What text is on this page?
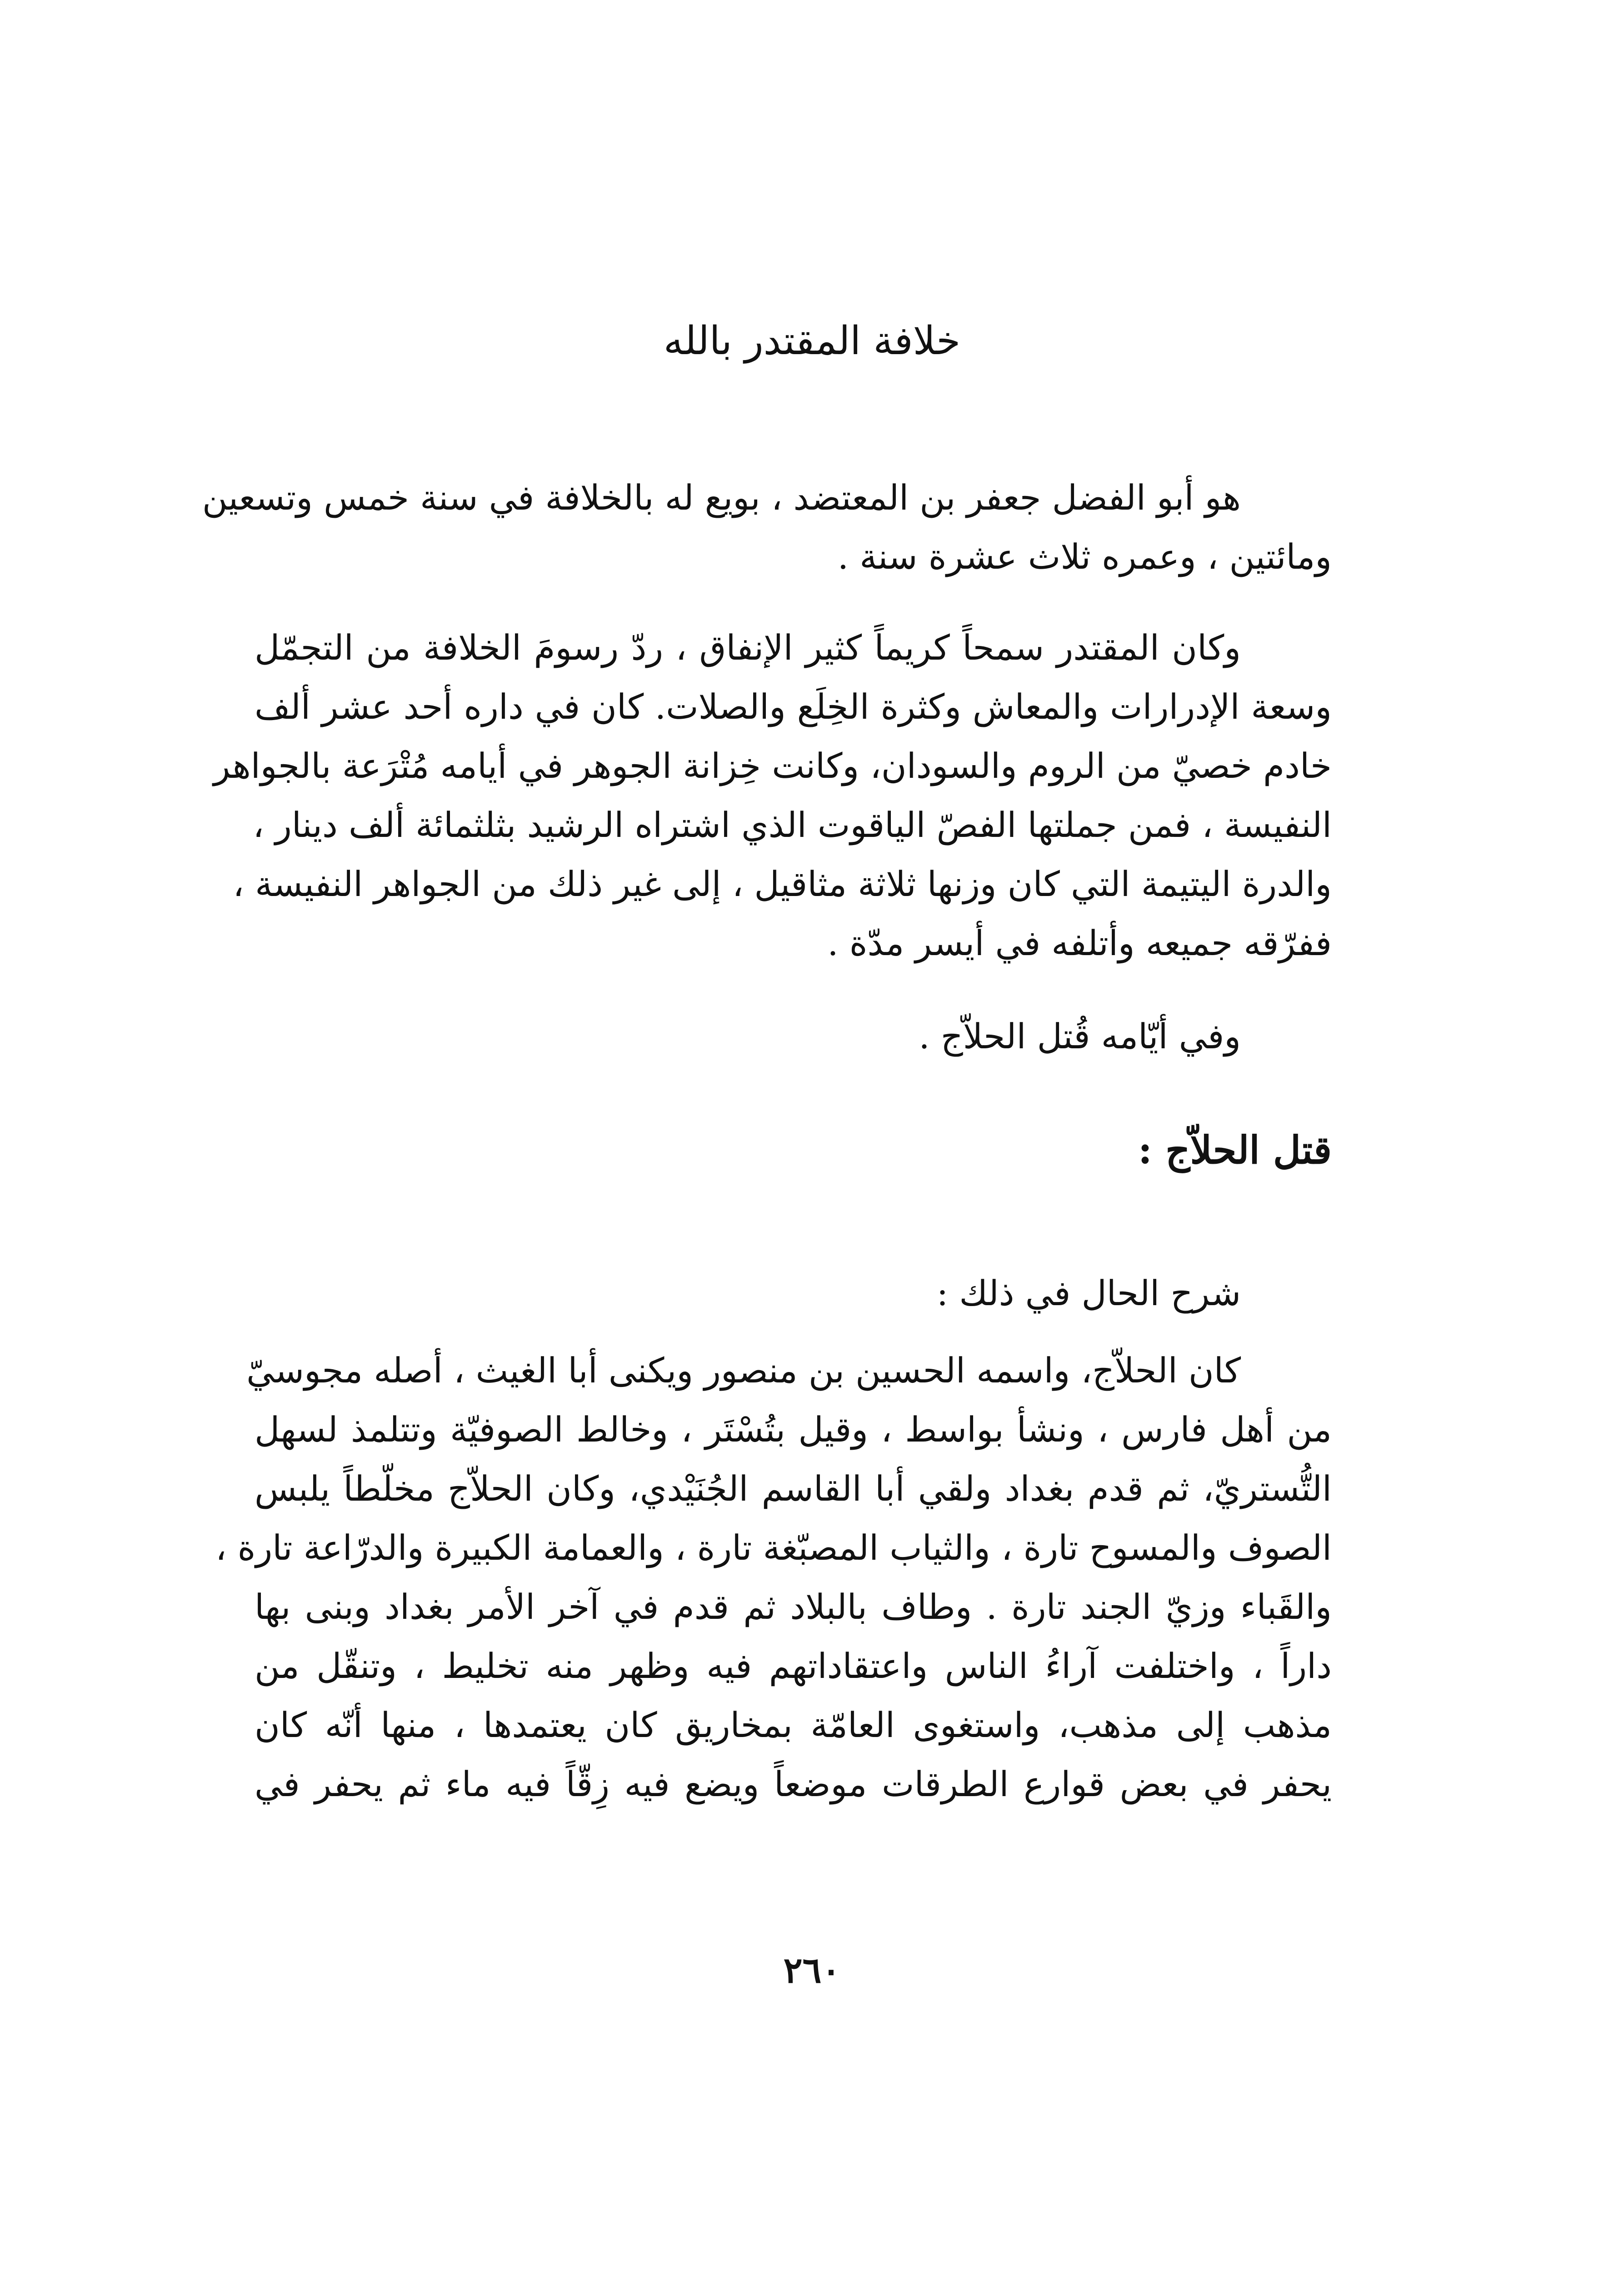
خلافة المقتدر بالله
هو أبو الفضل جعفر بن المعتضد ، بويع له بالخلافة في سنة خمس وتسعين
ومائتين ، وعمره ثلاث عشرة سنة .
وكان المقتدر سمحاً كريماً كثير الإنفاق ، ردّ رسومَ الخلافة من التجمّل
وسعة الإدرارات والمعاش وكثرة الخِلَع والصلات. كان في داره أحد عشر ألف
خادم خصيّ من الروم والسودان، وكانت خِزانة الجوهر في أيامه مُتْرَعة بالجواهر
النفيسة ، فمن جملتها الفصّ الياقوت الذي اشتراه الرشيد بثلثمائة ألف دينار ،
والدرة اليتيمة التي كان وزنها ثلاثة مثاقيل ، إلى غير ذلك من الجواهر النفيسة ،
ففرّقه جميعه وأتلفه في أيسر مدّة .
وفي أيّامه قُتل الحلاّج .
قتل الحلاّج :
شرح الحال في ذلك :
كان الحلاّج، واسمه الحسين بن منصور ويكنى أبا الغيث ، أصله مجوسيّ
من أهل فارس ، ونشأ بواسط ، وقيل بتُسْتَر ، وخالط الصوفيّة وتتلمذ لسهل
التُّستريّ، ثم قدم بغداد ولقي أبا القاسم الجُنَيْدي، وكان الحلاّج مخلّطاً يلبس
الصوف والمسوح تارة ، والثياب المصبّغة تارة ، والعمامة الكبيرة والدرّاعة تارة ،
والقَباء وزيّ الجند تارة . وطاف بالبلاد ثم قدم في آخر الأمر بغداد وبنى بها
داراً ، واختلفت آراءُ الناس واعتقاداتهم فيه وظهر منه تخليط ، وتنقّل من
مذهب إلى مذهب، واستغوى العامّة بمخاريق كان يعتمدها ، منها أنّه كان
يحفر في بعض قوارع الطرقات موضعاً ويضع فيه زِقّاً فيه ماء ثم يحفر في
٢٦٠
